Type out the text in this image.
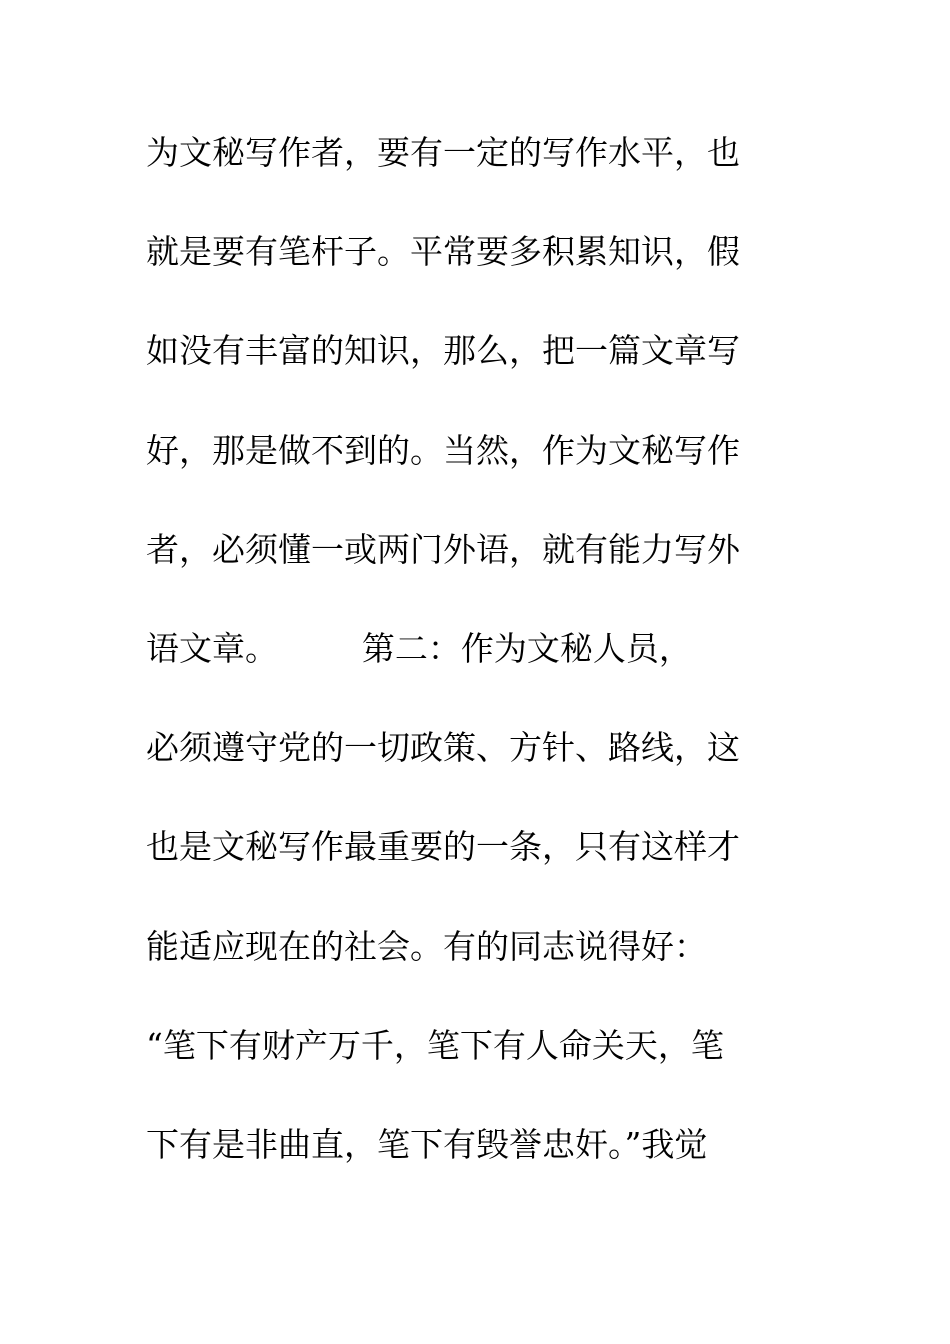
为文秘写作者，要有一定的写作水平，也
就是要有笔杆子。平常要多积累知识，假
如没有丰富的知识，那么，把一篇文章写
好，那是做不到的。当然，作为文秘写作
者，必须懂一或两门外语，就有能力写外
语文章。        第二：作为文秘人员，
必须遵守党的一切政策、方针、路线，这
也是文秘写作最重要的一条，只有这样才
能适应现在的社会。有的同志说得好：
“笔下有财产万千，笔下有人命关天，笔
下有是非曲直，笔下有毁誉忠奸。”我觉
